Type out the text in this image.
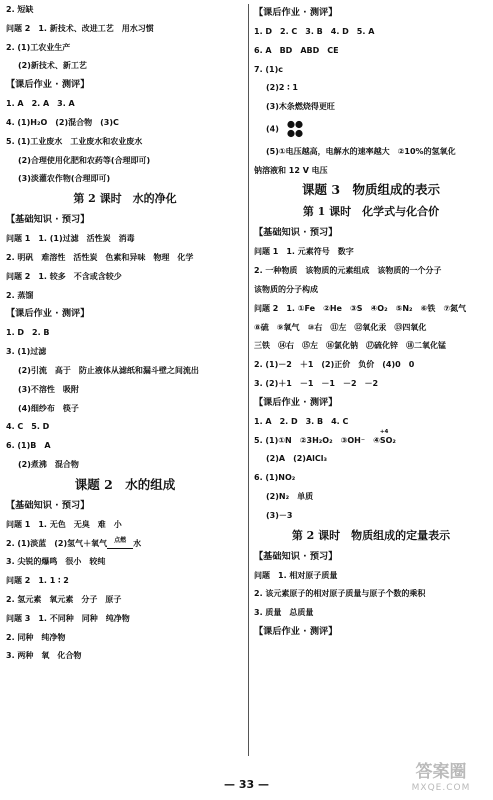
2. 短缺
问题 2　1. 新技术、改进工艺　用水习惯
2. (1)工农业生产
(2)新技术、新工艺
【课后作业 · 测评】
1. A　2. A　3. A
4. (1)H₂O　(2)混合物　(3)C
5. (1)工业废水　工业废水和农业废水
(2)合理使用化肥和农药等(合理即可)
(3)淡灌农作物(合理即可)
第 2 课时　水的净化
【基础知识 · 预习】
问题 1　1. (1)过滤　活性炭　消毒
2. 明矾　难溶性　活性炭　色素和异味　物理　化学
问题 2　1. 较多　不含或含较少
2. 蒸馏
【课后作业 · 测评】
1. D　2. B
3. (1)过滤
(2)引流　高于　防止液体从滤纸和漏斗壁之间流出
(3)不溶性　吸附
(4)细纱布　筷子
4. C　5. D
6. (1)B　A
(2)煮沸　混合物
课题 2　水的组成
【基础知识 · 预习】
问题 1　1. 无色　无臭　难　小
2. (1)淡蓝　(2)氢气＋氧气	点燃 水
3. 尖锐的爆鸣　很小　较纯
问题 2　1. 1 ∶ 2
2. 氢元素　氧元素　分子　原子
问题 3　1. 不同种　同种　纯净物
2. 同种　纯净物
3. 两种　氧　化合物
【课后作业 · 测评】
1. D　2. C　3. B　4. D　5. A
6. A　BD　ABD　CE
7. (1)c
(2)2 ∶ 1
(3)木条燃烧得更旺
(4)
(5)①电压越高，电解水的速率越大　②10%的氢氧化
钠溶液和 12 V 电压
课题 3　物质组成的表示
第 1 课时　化学式与化合价
【基础知识 · 预习】
问题 1　1. 元素符号　数字
2. 一种物质　该物质的元素组成　该物质的一个分子
该物质的分子构成
问题 2　1. ①Fe　②He　③S　④O₂　⑤N₂　⑥铁　⑦氮气
⑧硫　⑨氧气　⑩右　⑪左　⑫氧化汞　⑬四氧化
三铁　⑭右　⑮左　⑯氯化钠　⑰硫化锌　⑱二氧化锰
2. (1)－2　＋1　(2)正价　负价　(4)0　0
3. (2)＋1　－1　－1　－2　－2
【课后作业 · 测评】
1. A　2. D　3. B　4. C
5. (1)①N　②3H₂O₂　③OH⁻　④
+4
SO₂
(2)A　(2)AlCl₃
6. (1)NO₂
(2)N₂　单质
(3)－3
第 2 课时　物质组成的定量表示
【基础知识 · 预习】
问题　1. 相对原子质量
2. 该元素原子的相对原子质量与原子个数的乘积
3. 质量　总质量
【课后作业 · 测评】
— 33 —
答案圈
MXQE.COM
